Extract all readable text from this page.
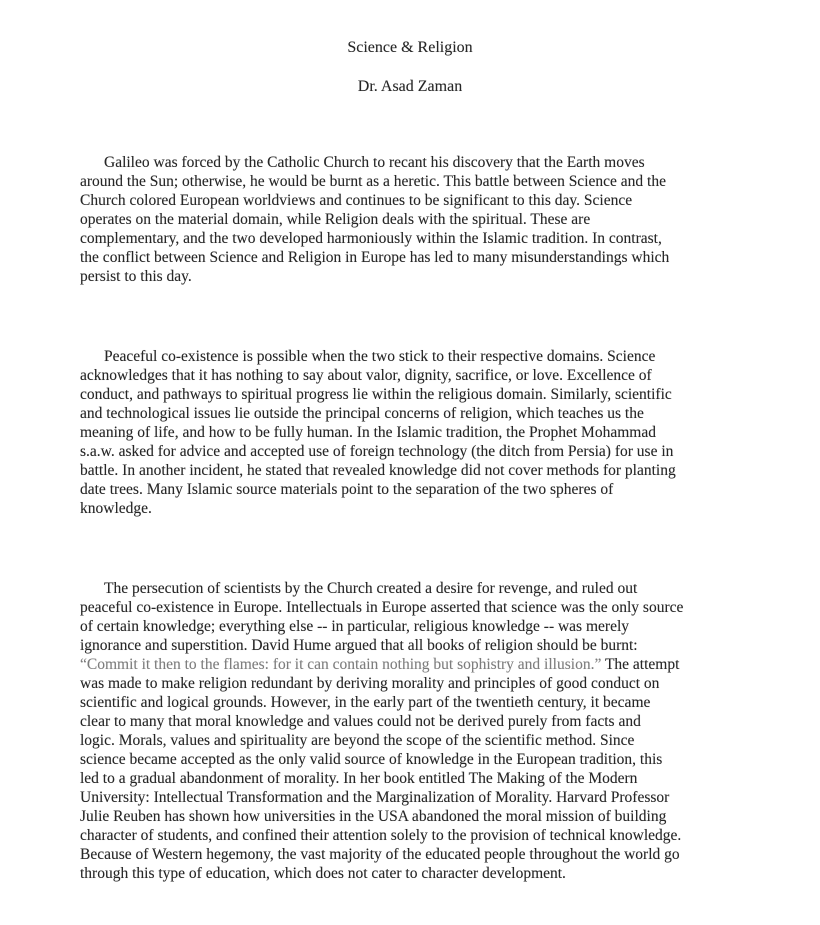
Science & Religion
Dr. Asad Zaman
Galileo was forced by the Catholic Church to recant his discovery that the Earth moves
around the Sun; otherwise, he would be burnt as a heretic. This battle between Science and the
Church colored European worldviews and continues to be significant to this day. Science
operates on the material domain, while Religion deals with the spiritual. These are
complementary, and the two developed harmoniously within the Islamic tradition. In contrast,
the conflict between Science and Religion in Europe has led to many misunderstandings which
persist to this day.
Peaceful co-existence is possible when the two stick to their respective domains. Science
acknowledges that it has nothing to say about valor, dignity, sacrifice, or love. Excellence of
conduct, and pathways to spiritual progress lie within the religious domain. Similarly, scientific
and technological issues lie outside the principal concerns of religion, which teaches us the
meaning of life, and how to be fully human. In the Islamic tradition, the Prophet Mohammad
s.a.w. asked for advice and accepted use of foreign technology (the ditch from Persia) for use in
battle. In another incident, he stated that revealed knowledge did not cover methods for planting
date trees. Many Islamic source materials point to the separation of the two spheres of
knowledge.
The persecution of scientists by the Church created a desire for revenge, and ruled out
peaceful co-existence in Europe. Intellectuals in Europe asserted that science was the only source
of certain knowledge; everything else -- in particular, religious knowledge -- was merely
ignorance and superstition. David Hume argued that all books of religion should be burnt:
“Commit it then to the flames: for it can contain nothing but sophistry and illusion.” The attempt
was made to make religion redundant by deriving morality and principles of good conduct on
scientific and logical grounds. However, in the early part of the twentieth century, it became
clear to many that moral knowledge and values could not be derived purely from facts and
logic. Morals, values and spirituality are beyond the scope of the scientific method. Since
science became accepted as the only valid source of knowledge in the European tradition, this
led to a gradual abandonment of morality. In her book entitled The Making of the Modern
University: Intellectual Transformation and the Marginalization of Morality. Harvard Professor
Julie Reuben has shown how universities in the USA abandoned the moral mission of building
character of students, and confined their attention solely to the provision of technical knowledge.
Because of Western hegemony, the vast majority of the educated people throughout the world go
through this type of education, which does not cater to character development.
